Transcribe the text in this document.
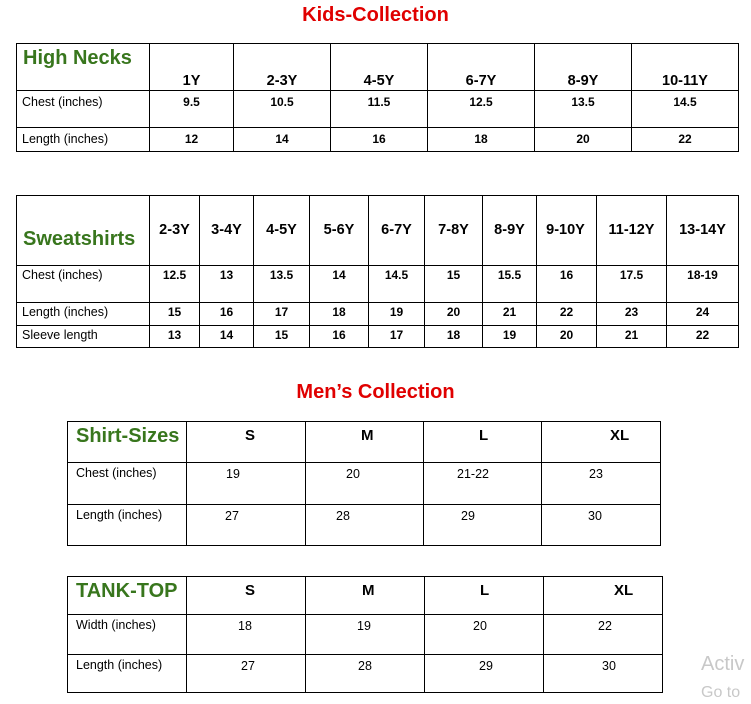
Kids-Collection
High Necks	1Y	2-3Y	4-5Y	6-7Y	8-9Y	10-11Y
Chest (inches)	9.5	10.5	11.5	12.5	13.5	14.5
Length (inches)	12	14	16	18	20	22
Sweatshirts	2-3Y	3-4Y	4-5Y	5-6Y	6-7Y	7-8Y	8-9Y	9-10Y	11-12Y	13-14Y
Chest (inches)	12.5	13	13.5	14	14.5	15	15.5	16	17.5	18-19
Length (inches)	15	16	17	18	19	20	21	22	23	24
Sleeve length	13	14	15	16	17	18	19	20	21	22
Men’s Collection
Shirt-Sizes	S	M	L	XL
Chest (inches)	19	20	21-22	23
Length (inches)	27	28	29	30
TANK-TOP	S	M	L	XL
Width (inches)	18	19	20	22
Length (inches)	27	28	29	30	Activ
Go to
